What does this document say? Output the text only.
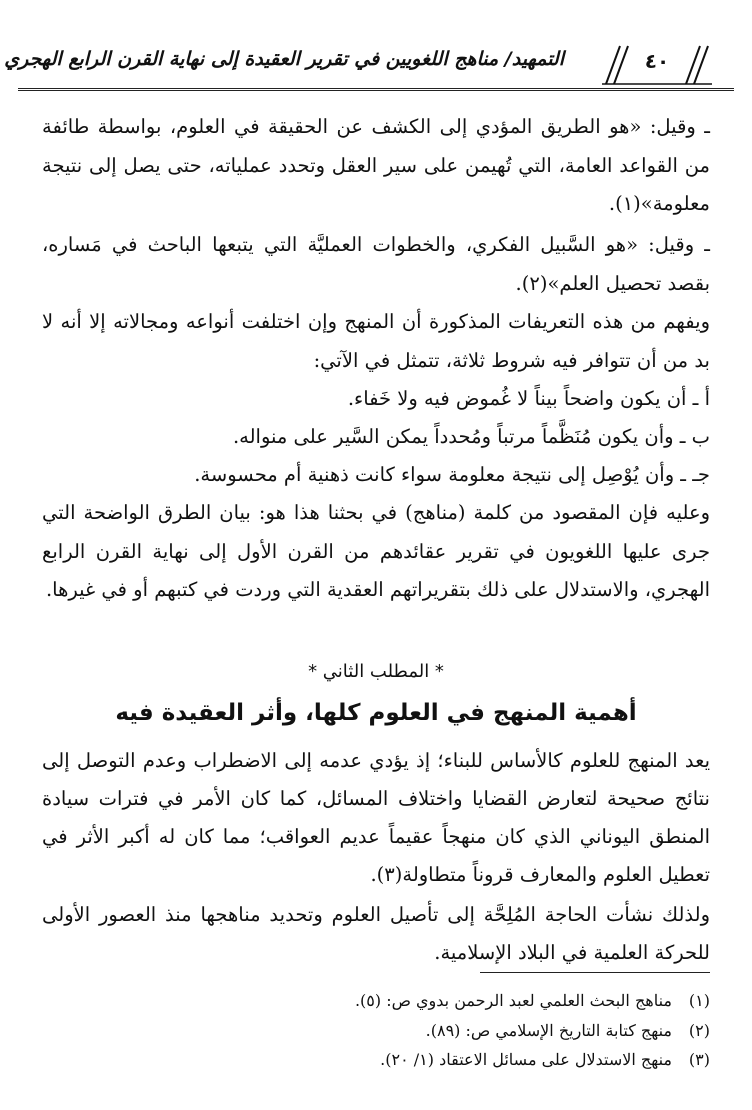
التمهيد/ مناهج اللغويين في تقرير العقيدة إلى نهاية القرن الرابع الهجري	٤٠
ـ وقيل: «هو الطريق المؤدي إلى الكشف عن الحقيقة في العلوم، بواسطة طائفة من القواعد العامة، التي تُهيمن على سير العقل وتحدد عملياته، حتى يصل إلى نتيجة معلومة»(١).
ـ وقيل: «هو السَّبيل الفكري، والخطوات العمليَّة التي يتبعها الباحث في مَساره، بقصد تحصيل العلم»(٢).
ويفهم من هذه التعريفات المذكورة أن المنهج وإن اختلفت أنواعه ومجالاته إلا أنه لا بد من أن تتوافر فيه شروط ثلاثة، تتمثل في الآتي:
أ ـ أن يكون واضحاً بيناً لا غُموض فيه ولا خَفاء.
ب ـ وأن يكون مُنَظَّماً مرتباً ومُحدداً يمكن السَّير على منواله.
جـ ـ وأن يُوْصِل إلى نتيجة معلومة سواء كانت ذهنية أم محسوسة.
وعليه فإن المقصود من كلمة (مناهج) في بحثنا هذا هو: بيان الطرق الواضحة التي جرى عليها اللغويون في تقرير عقائدهم من القرن الأول إلى نهاية القرن الرابع الهجري، والاستدلال على ذلك بتقريراتهم العقدية التي وردت في كتبهم أو في غيرها.
* المطلب الثاني *
أهمية المنهج في العلوم كلها، وأثر العقيدة فيه
يعد المنهج للعلوم كالأساس للبناء؛ إذ يؤدي عدمه إلى الاضطراب وعدم التوصل إلى نتائج صحيحة لتعارض القضايا واختلاف المسائل، كما كان الأمر في فترات سيادة المنطق اليوناني الذي كان منهجاً عقيماً عديم العواقب؛ مما كان له أكبر الأثر في تعطيل العلوم والمعارف قروناً متطاولة(٣).
ولذلك نشأت الحاجة المُلِحَّة إلى تأصيل العلوم وتحديد مناهجها منذ العصور الأولى للحركة العلمية في البلاد الإسلامية.
(١)مناهج البحث العلمي لعبد الرحمن بدوي ص: (٥).
(٢)منهج كتابة التاريخ الإسلامي ص: (٨٩).
(٣)منهج الاستدلال على مسائل الاعتقاد (١/ ٢٠).
